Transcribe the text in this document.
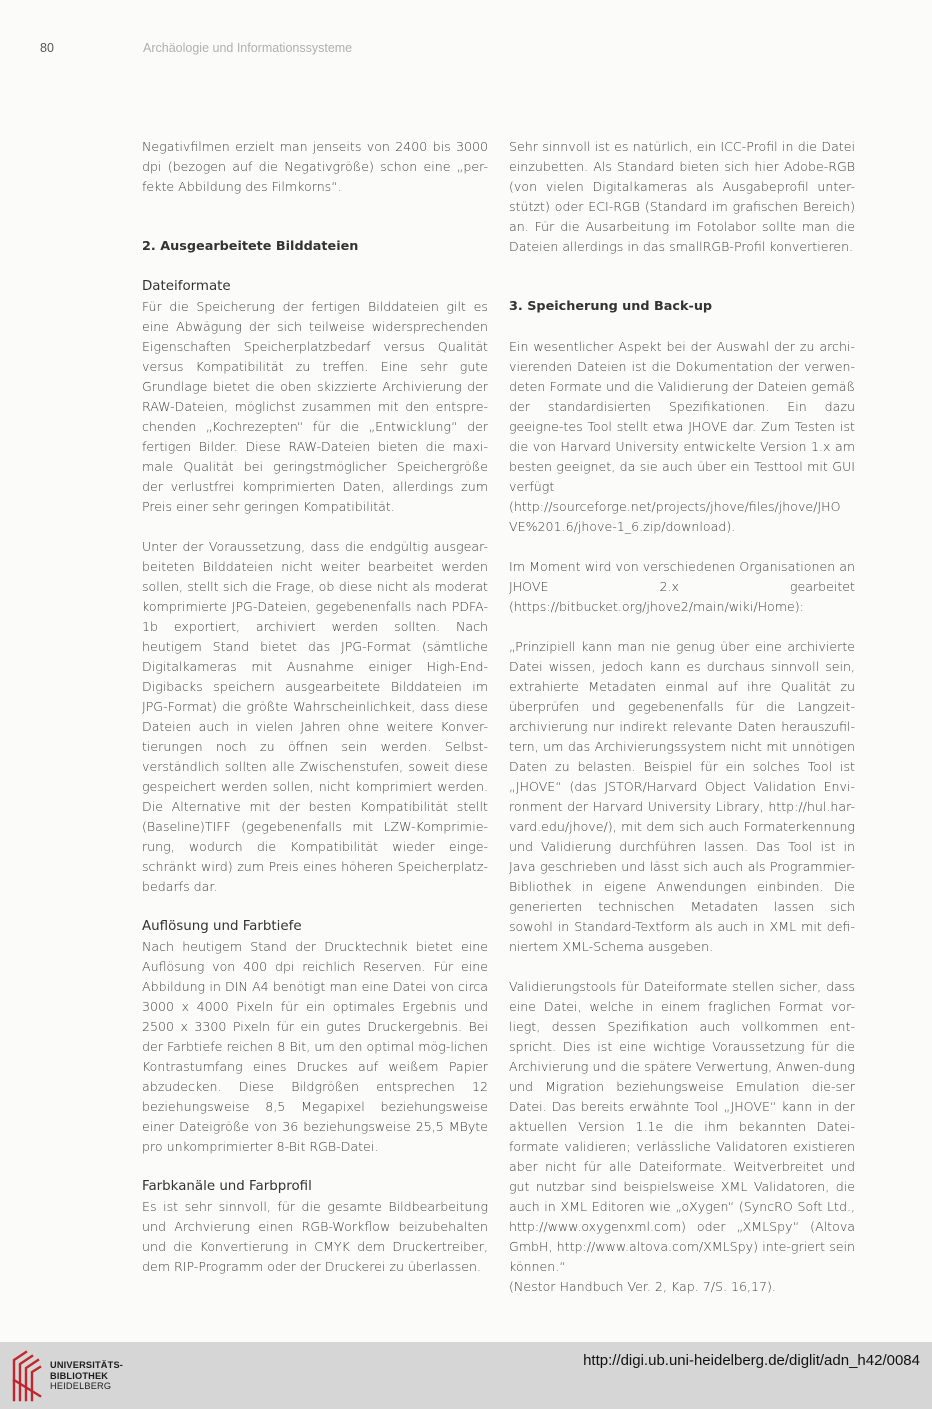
80	Archäologie und Informationssysteme

Negativfilmen erzielt man jenseits von 2400 bis 3000 dpi (bezogen auf die Negativgröße) schon eine „per-fekte Abbildung des Filmkorns“.

2. Ausgearbeitete Bilddateien
Dateiformate

Für die Speicherung der fertigen Bilddateien gilt es eine Abwägung der sich teilweise widersprechenden Eigenschaften Speicherplatzbedarf versus Qualität versus Kompatibilität zu treffen. Eine sehr gute Grundlage bietet die oben skizzierte Archivierung der RAW-Dateien, möglichst zusammen mit den entspre-chenden „Kochrezepten“ für die „Entwicklung“ der fertigen Bilder. Diese RAW-Dateien bieten die maxi-male Qualität bei geringstmöglicher Speichergröße der verlustfrei komprimierten Daten, allerdings zum Preis einer sehr geringen Kompatibilität.

Unter der Voraussetzung, dass die endgültig ausgear-beiteten Bilddateien nicht weiter bearbeitet werden sollen, stellt sich die Frage, ob diese nicht als moderat komprimierte JPG-Dateien, gegebenenfalls nach PDFA-1b exportiert, archiviert werden sollten. Nach heutigem Stand bietet das JPG-Format (sämtliche Digitalkameras mit Ausnahme einiger High-End-Digibacks speichern ausgearbeitete Bilddateien im JPG-Format) die größte Wahrscheinlichkeit, dass diese Dateien auch in vielen Jahren ohne weitere Konver-tierungen noch zu öffnen sein werden. Selbst-verständlich sollten alle Zwischenstufen, soweit diese gespeichert werden sollen, nicht komprimiert werden. Die Alternative mit der besten Kompatibilität stellt (Baseline)TIFF (gegebenenfalls mit LZW-Komprimie-rung, wodurch die Kompatibilität wieder einge-schränkt wird) zum Preis eines höheren Speicherplatz-bedarfs dar.

Auflösung und Farbtiefe

Nach heutigem Stand der Drucktechnik bietet eine Auflösung von 400 dpi reichlich Reserven. Für eine Abbildung in DIN A4 benötigt man eine Datei von circa 3000 x 4000 Pixeln für ein optimales Ergebnis und 2500 x 3300 Pixeln für ein gutes Druckergebnis. Bei der Farbtiefe reichen 8 Bit, um den optimal mög-lichen Kontrastumfang eines Druckes auf weißem Papier abzudecken. Diese Bildgrößen entsprechen 12 beziehungsweise 8,5 Megapixel beziehungsweise einer Dateigröße von 36 beziehungsweise 25,5 MByte pro unkomprimierter 8-Bit RGB-Datei.

Farbkanäle und Farbprofil

Es ist sehr sinnvoll, für die gesamte Bildbearbeitung und Archvierung einen RGB-Workflow beizubehalten und die Konvertierung in CMYK dem Druckertreiber, dem RIP-Programm oder der Druckerei zu überlassen.

Sehr sinnvoll ist es natürlich, ein ICC-Profil in die Datei einzubetten. Als Standard bieten sich hier Adobe-RGB (von vielen Digitalkameras als Ausgabeprofil unter-stützt) oder ECI-RGB (Standard im grafischen Bereich) an. Für die Ausarbeitung im Fotolabor sollte man die Dateien allerdings in das smallRGB-Profil konvertieren.

3. Speicherung und Back-up

Ein wesentlicher Aspekt bei der Auswahl der zu archi-vierenden Dateien ist die Dokumentation der verwen-deten Formate und die Validierung der Dateien gemäß der standardisierten Spezifikationen. Ein dazu geeigne-tes Tool stellt etwa JHOVE dar. Zum Testen ist die von Harvard University entwickelte Version 1.x am besten geeignet, da sie auch über ein Testtool mit GUI verfügt (http://sourceforge.net/projects/jhove/files/jhove/JHO VE%201.6/jhove-1_6.zip/download).

Im Moment wird von verschiedenen Organisationen an JHOVE 2.x gearbeitet (https://bitbucket.org/jhove2/main/wiki/Home):

„Prinzipiell kann man nie genug über eine archivierte Datei wissen, jedoch kann es durchaus sinnvoll sein, extrahierte Metadaten einmal auf ihre Qualität zu überprüfen und gegebenenfalls für die Langzeit-archivierung nur indirekt relevante Daten herauszufil-tern, um das Archivierungssystem nicht mit unnötigen Daten zu belasten. Beispiel für ein solches Tool ist „JHOVE“ (das JSTOR/Harvard Object Validation Envi-ronment der Harvard University Library, http://hul.har-vard.edu/jhove/), mit dem sich auch Formaterkennung und Validierung durchführen lassen. Das Tool ist in Java geschrieben und lässt sich auch als Programmier-Bibliothek in eigene Anwendungen einbinden. Die generierten technischen Metadaten lassen sich sowohl in Standard-Textform als auch in XML mit defi-niertem XML-Schema ausgeben.

Validierungstools für Dateiformate stellen sicher, dass eine Datei, welche in einem fraglichen Format vor-liegt, dessen Spezifikation auch vollkommen ent-spricht. Dies ist eine wichtige Voraussetzung für die Archivierung und die spätere Verwertung, Anwen-dung und Migration beziehungsweise Emulation die-ser Datei. Das bereits erwähnte Tool „JHOVE“ kann in der aktuellen Version 1.1e die ihm bekannten Datei-formate validieren; verlässliche Validatoren existieren aber nicht für alle Dateiformate. Weitverbreitet und gut nutzbar sind beispielsweise XML Validatoren, die auch in XML Editoren wie „oXygen“ (SyncRO Soft Ltd., http://www.oxygenxml.com) oder „XMLSpy“ (Altova GmbH, http://www.altova.com/XMLSpy) inte-griert sein können.“

(Nestor Handbuch Ver. 2, Kap. 7/S. 16,17).

UNIVERSITÄTS-
BIBLIOTHEK
HEIDELBERG
http://digi.ub.uni-heidelberg.de/diglit/adn_h42/0084
